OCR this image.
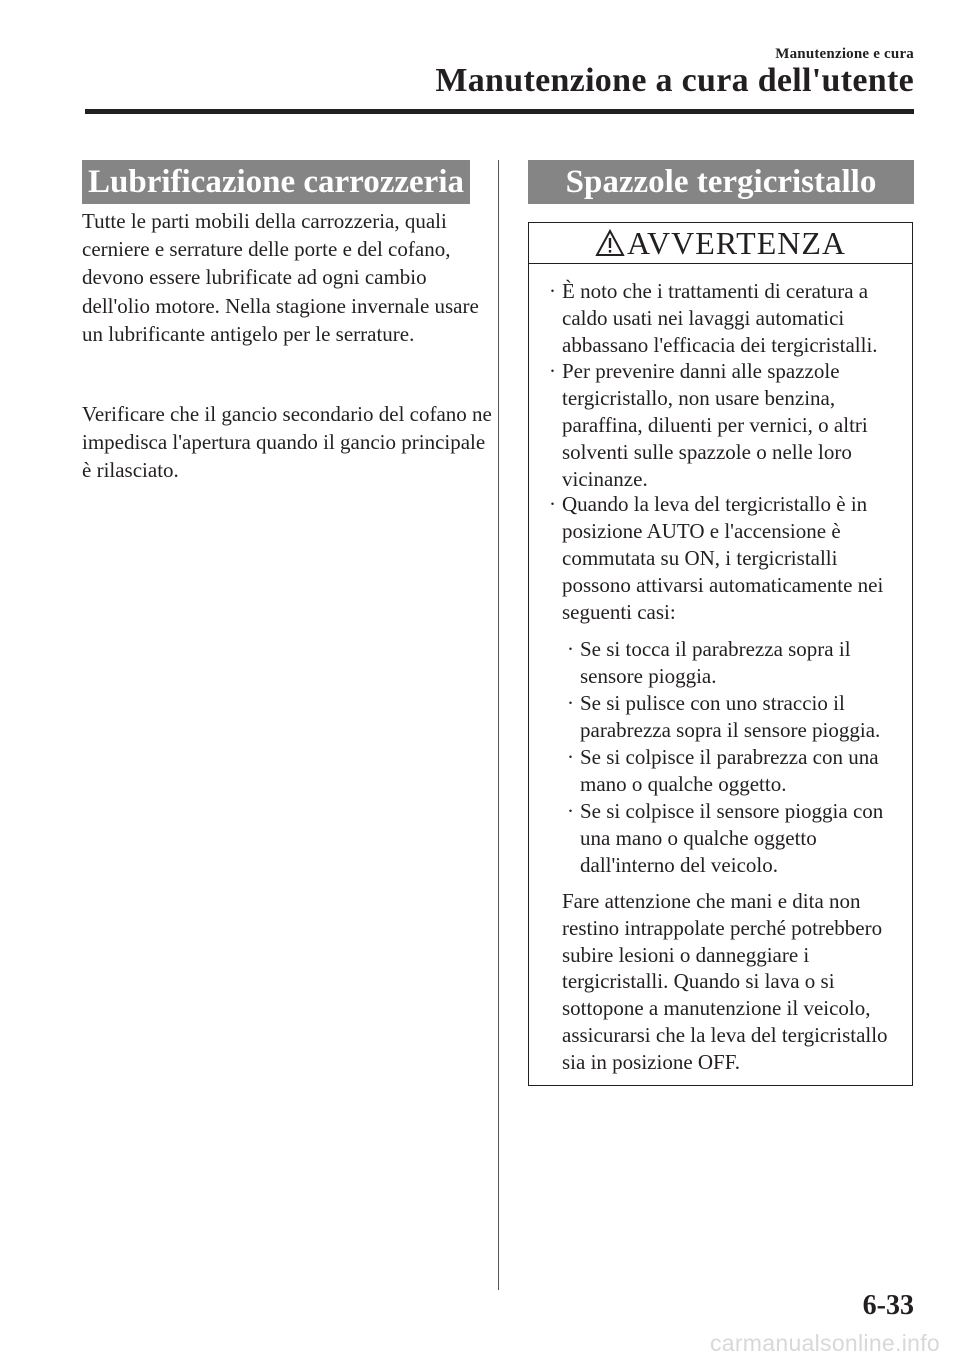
Manutenzione e cura
Manutenzione a cura dell'utente
Lubrificazione carrozzeria

Tutte le parti mobili della carrozzeria, quali cerniere e serrature delle porte e del cofano, devono essere lubrificate ad ogni cambio dell'olio motore. Nella stagione invernale usare un lubrificante antigelo per le serrature.

Verificare che il gancio secondario del cofano ne impedisca l'apertura quando il gancio principale è rilasciato.

Spazzole tergicristallo
AVVERTENZA
· È noto che i trattamenti di ceratura a caldo usati nei lavaggi automatici abbassano l'efficacia dei tergicristalli.
· Per prevenire danni alle spazzole tergicristallo, non usare benzina, paraffina, diluenti per vernici, o altri solventi sulle spazzole o nelle loro vicinanze.
· Quando la leva del tergicristallo è in posizione AUTO e l'accensione è commutata su ON, i tergicristalli possono attivarsi automaticamente nei seguenti casi:
· Se si tocca il parabrezza sopra il sensore pioggia.
· Se si pulisce con uno straccio il parabrezza sopra il sensore pioggia.
· Se si colpisce il parabrezza con una mano o qualche oggetto.
· Se si colpisce il sensore pioggia con una mano o qualche oggetto dall'interno del veicolo.

Fare attenzione che mani e dita non restino intrappolate perché potrebbero subire lesioni o danneggiare i tergicristalli. Quando si lava o si sottopone a manutenzione il veicolo, assicurarsi che la leva del tergicristallo sia in posizione OFF.

6-33
carmanualsonline.info
